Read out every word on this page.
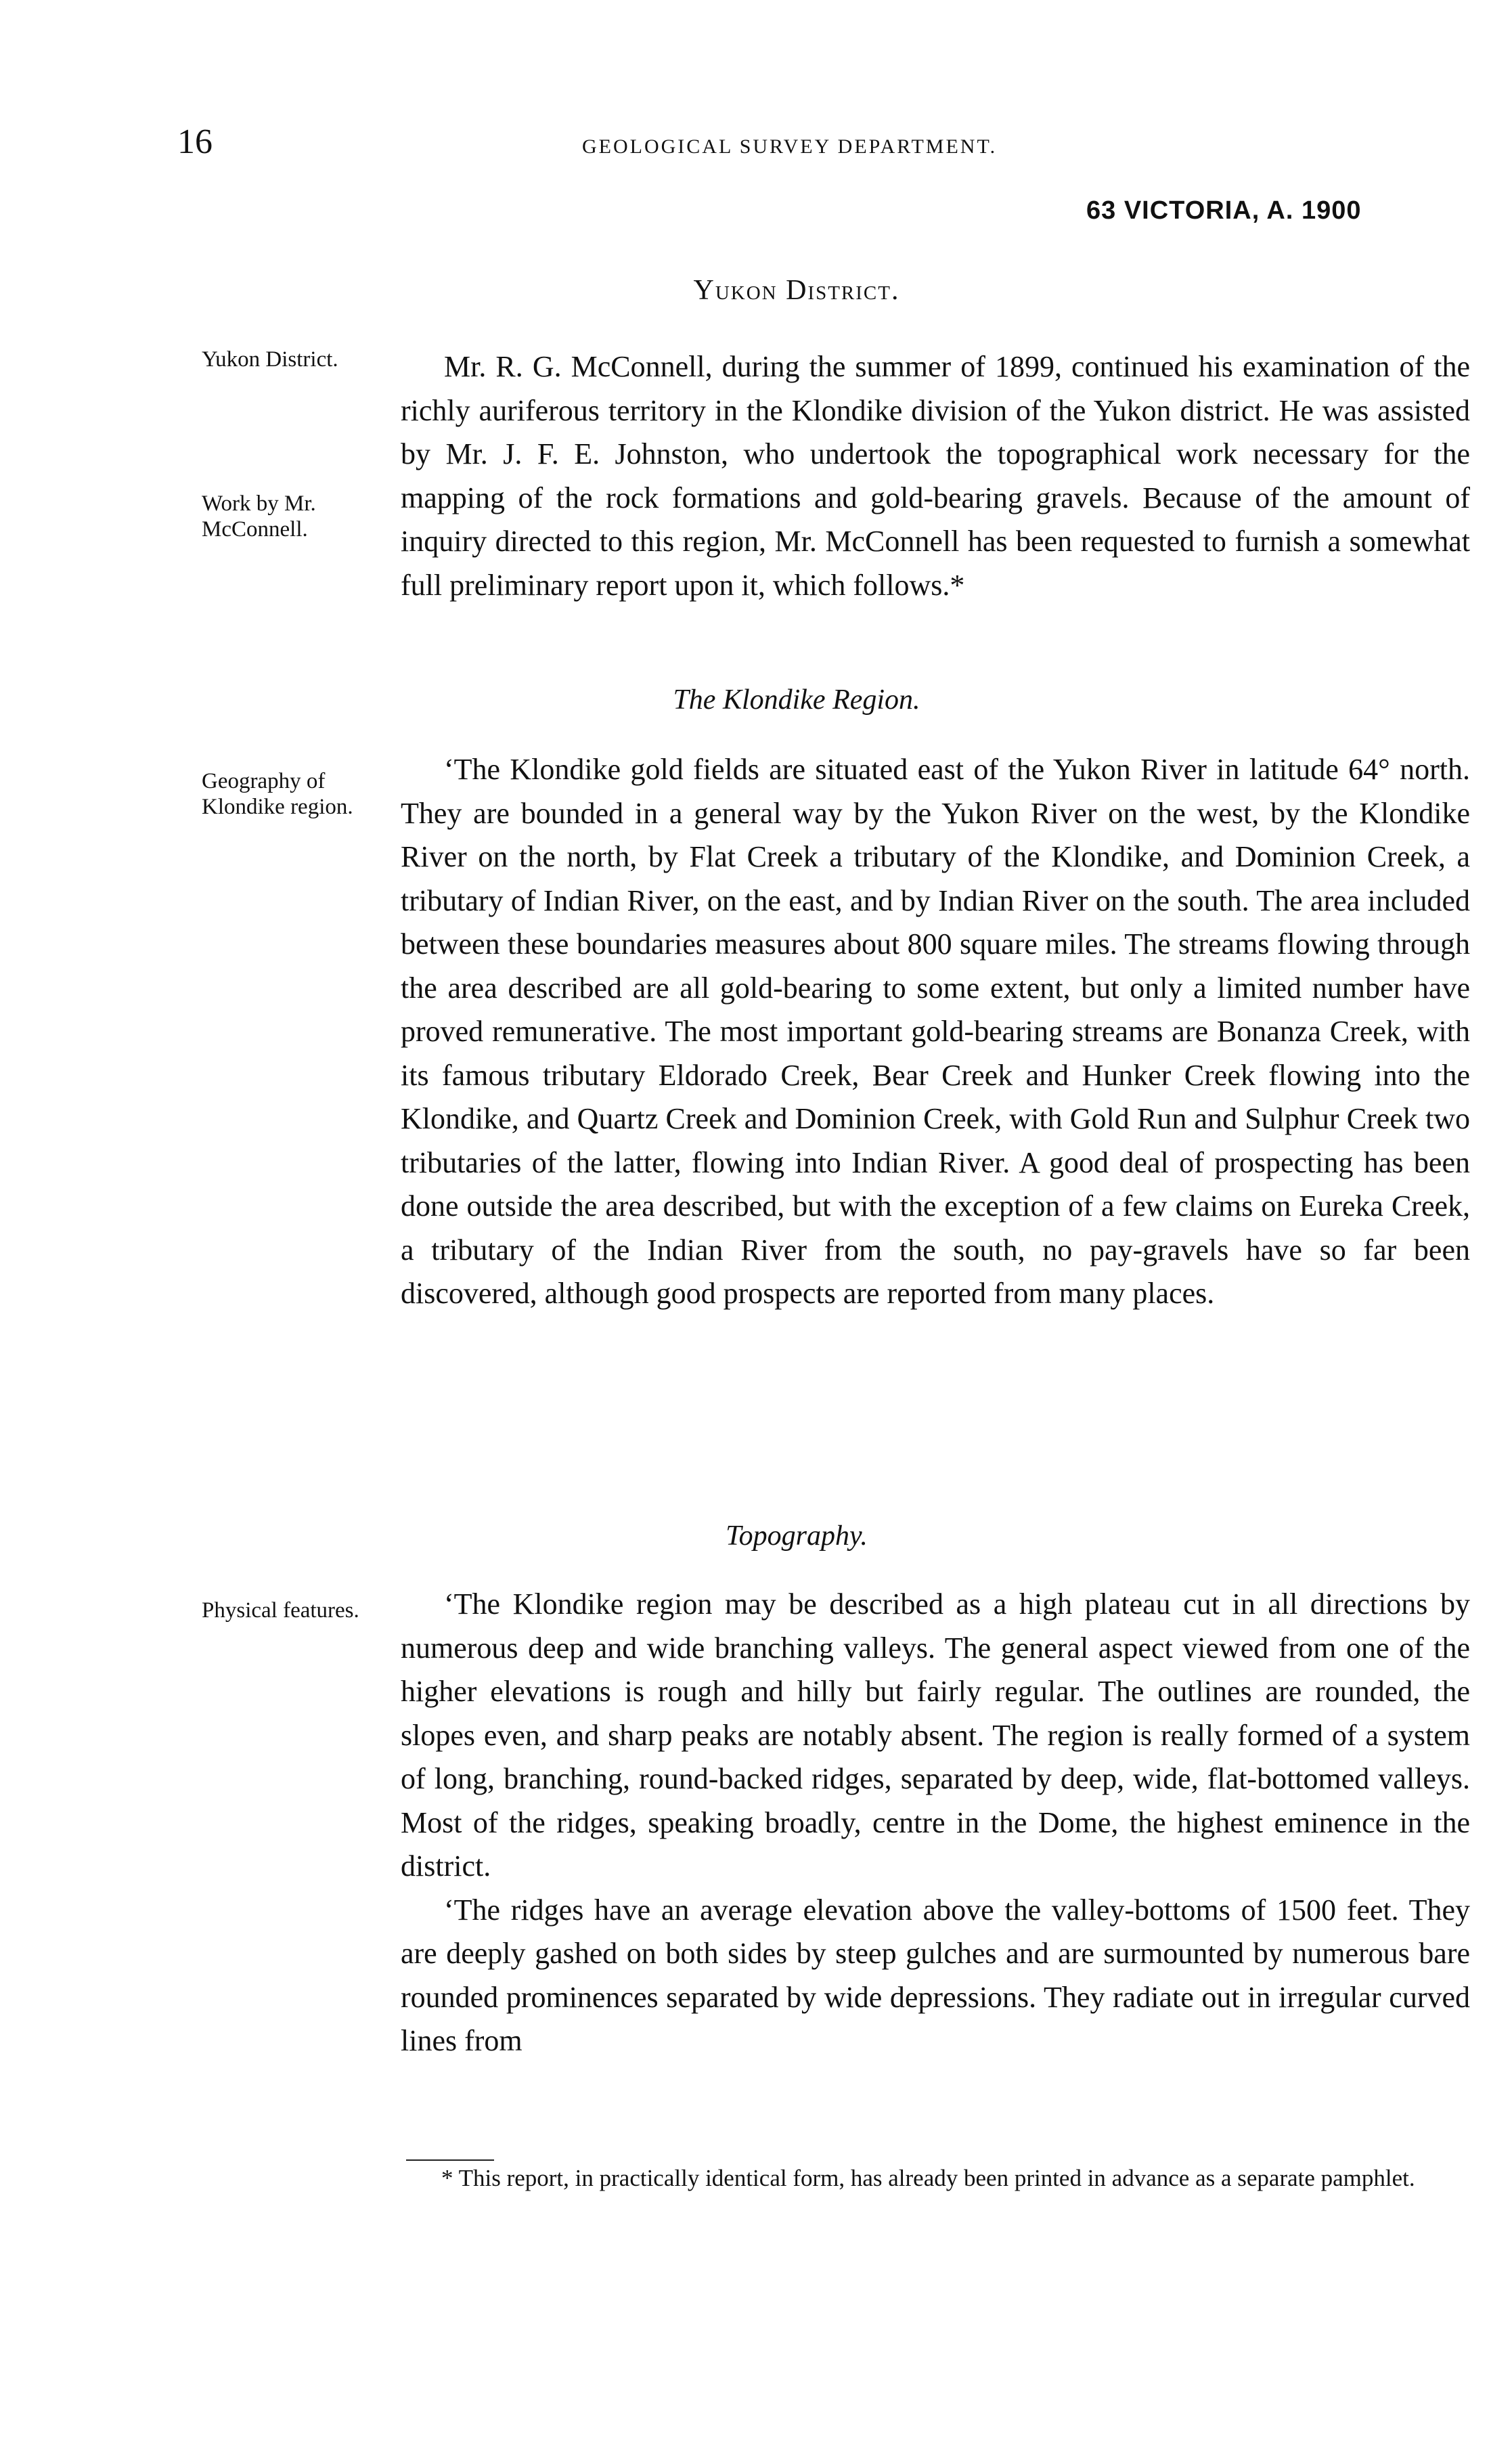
16	GEOLOGICAL SURVEY DEPARTMENT.
63 VICTORIA, A. 1900
Yukon District.
Yukon District.
Work by Mr. McConnell.
Geography of Klondike region.
Physical features.

Mr. R. G. McConnell, during the summer of 1899, continued his examination of the richly auriferous territory in the Klondike division of the Yukon district. He was assisted by Mr. J. F. E. Johnston, who undertook the topographical work necessary for the mapping of the rock formations and gold-bearing gravels. Because of the amount of inquiry directed to this region, Mr. McConnell has been requested to furnish a somewhat full preliminary report upon it, which follows.*

The Klondike Region.

‘The Klondike gold fields are situated east of the Yukon River in latitude 64° north. They are bounded in a general way by the Yukon River on the west, by the Klondike River on the north, by Flat Creek a tributary of the Klondike, and Dominion Creek, a tributary of Indian River, on the east, and by Indian River on the south. The area included between these boundaries measures about 800 square miles. The streams flowing through the area described are all gold-bearing to some extent, but only a limited number have proved remunerative. The most important gold-bearing streams are Bonanza Creek, with its famous tributary Eldorado Creek, Bear Creek and Hunker Creek flowing into the Klondike, and Quartz Creek and Dominion Creek, with Gold Run and Sulphur Creek two tributaries of the latter, flowing into Indian River. A good deal of prospecting has been done outside the area described, but with the exception of a few claims on Eureka Creek, a tributary of the Indian River from the south, no pay-gravels have so far been discovered, although good prospects are reported from many places.

Topography.

‘The Klondike region may be described as a high plateau cut in all directions by numerous deep and wide branching valleys. The general aspect viewed from one of the higher elevations is rough and hilly but fairly regular. The outlines are rounded, the slopes even, and sharp peaks are notably absent. The region is really formed of a system of long, branching, round-backed ridges, separated by deep, wide, flat-bottomed valleys. Most of the ridges, speaking broadly, centre in the Dome, the highest eminence in the district.

‘The ridges have an average elevation above the valley-bottoms of 1500 feet. They are deeply gashed on both sides by steep gulches and are surmounted by numerous bare rounded prominences separated by wide depressions. They radiate out in irregular curved lines from

* This report, in practically identical form, has already been printed in advance as a separate pamphlet.
